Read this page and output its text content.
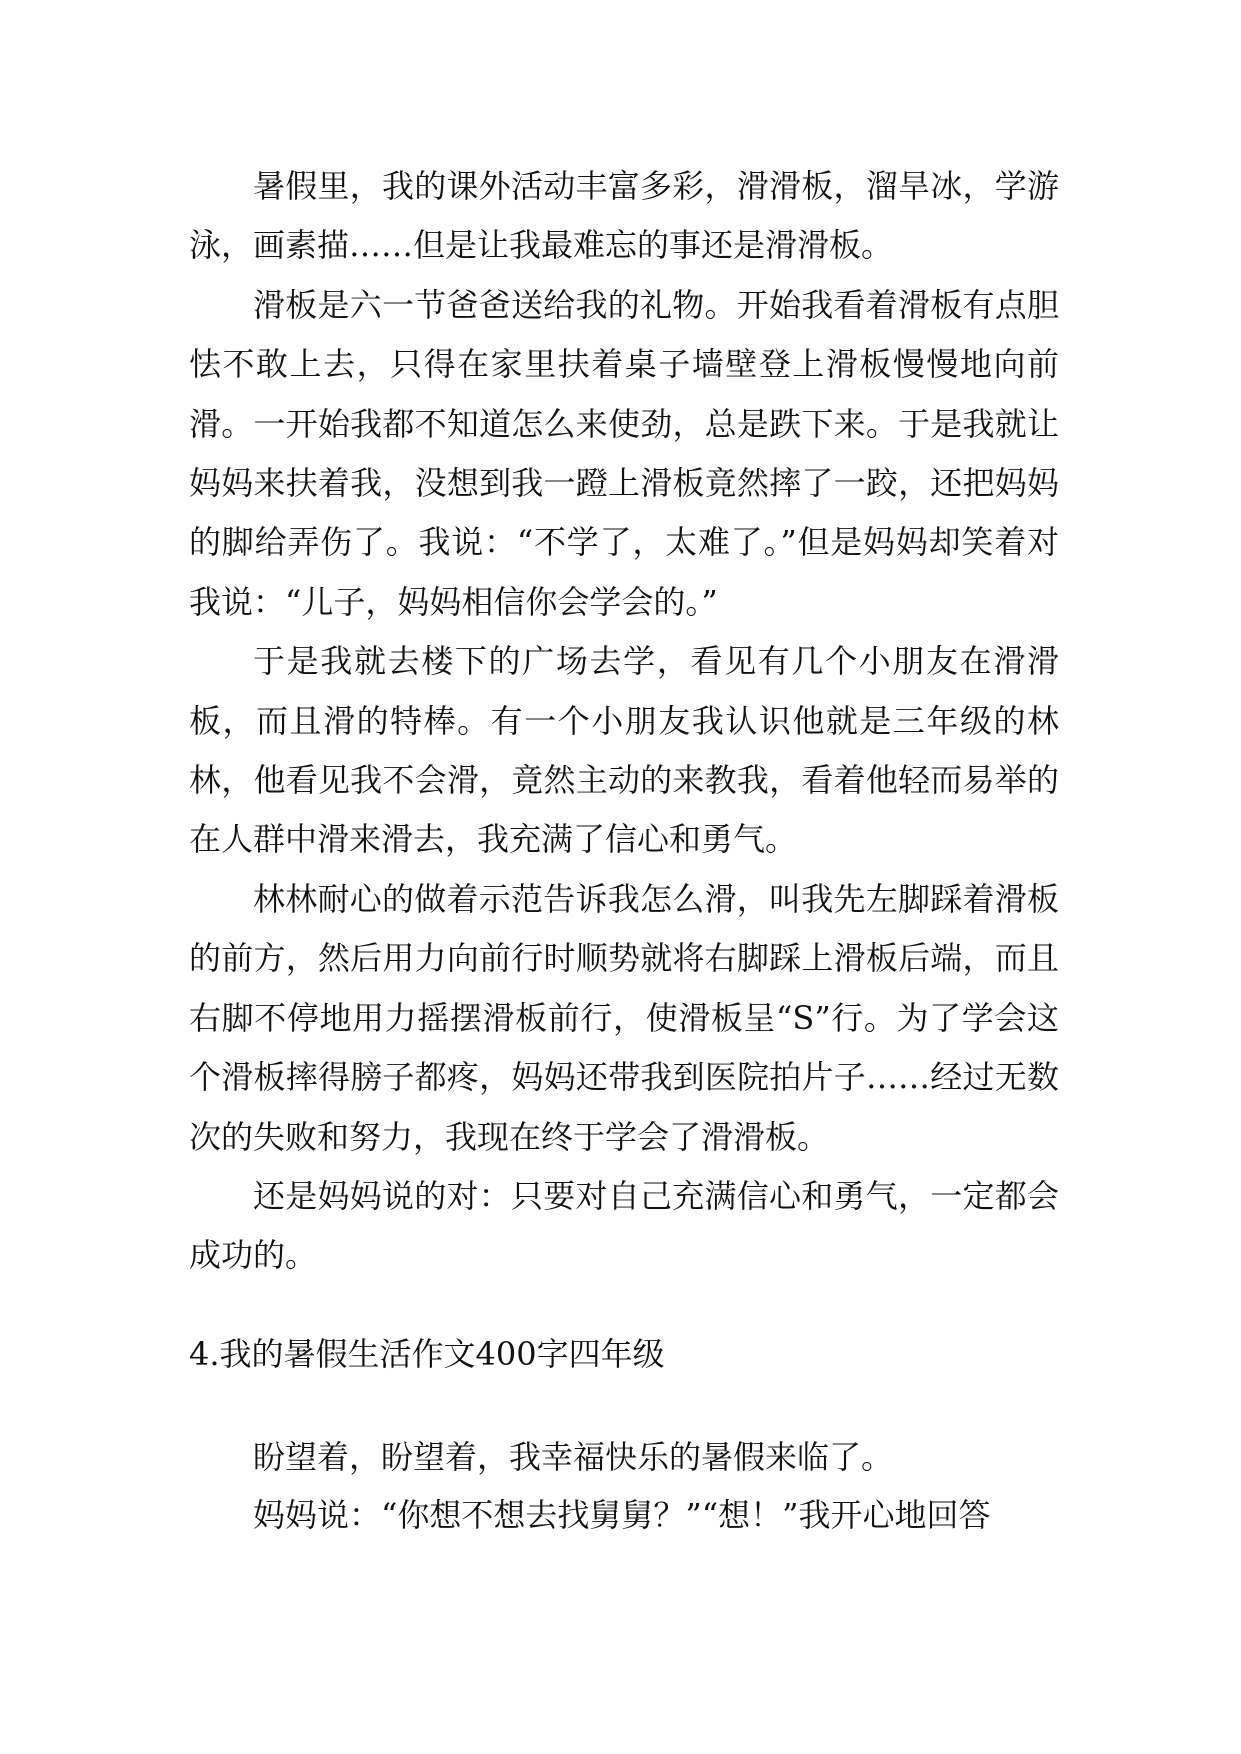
暑假里，我的课外活动丰富多彩，滑滑板，溜旱冰，学游泳，画素描……但是让我最难忘的事还是滑滑板。

滑板是六一节爸爸送给我的礼物。开始我看着滑板有点胆怯不敢上去，只得在家里扶着桌子墙壁登上滑板慢慢地向前滑。一开始我都不知道怎么来使劲，总是跌下来。于是我就让妈妈来扶着我，没想到我一蹬上滑板竟然摔了一跤，还把妈妈的脚给弄伤了。我说：“不学了，太难了。”但是妈妈却笑着对我说：“儿子，妈妈相信你会学会的。”

于是我就去楼下的广场去学，看见有几个小朋友在滑滑板，而且滑的特棒。有一个小朋友我认识他就是三年级的林林，他看见我不会滑，竟然主动的来教我，看着他轻而易举的在人群中滑来滑去，我充满了信心和勇气。

林林耐心的做着示范告诉我怎么滑，叫我先左脚踩着滑板的前方，然后用力向前行时顺势就将右脚踩上滑板后端，而且右脚不停地用力摇摆滑板前行，使滑板呈“S”行。为了学会这个滑板摔得膀子都疼，妈妈还带我到医院拍片子……经过无数次的失败和努力，我现在终于学会了滑滑板。

还是妈妈说的对：只要对自己充满信心和勇气，一定都会成功的。

4.我的暑假生活作文400字四年级

盼望着，盼望着，我幸福快乐的暑假来临了。

妈妈说：“你想不想去找舅舅？”“想！”我开心地回答
